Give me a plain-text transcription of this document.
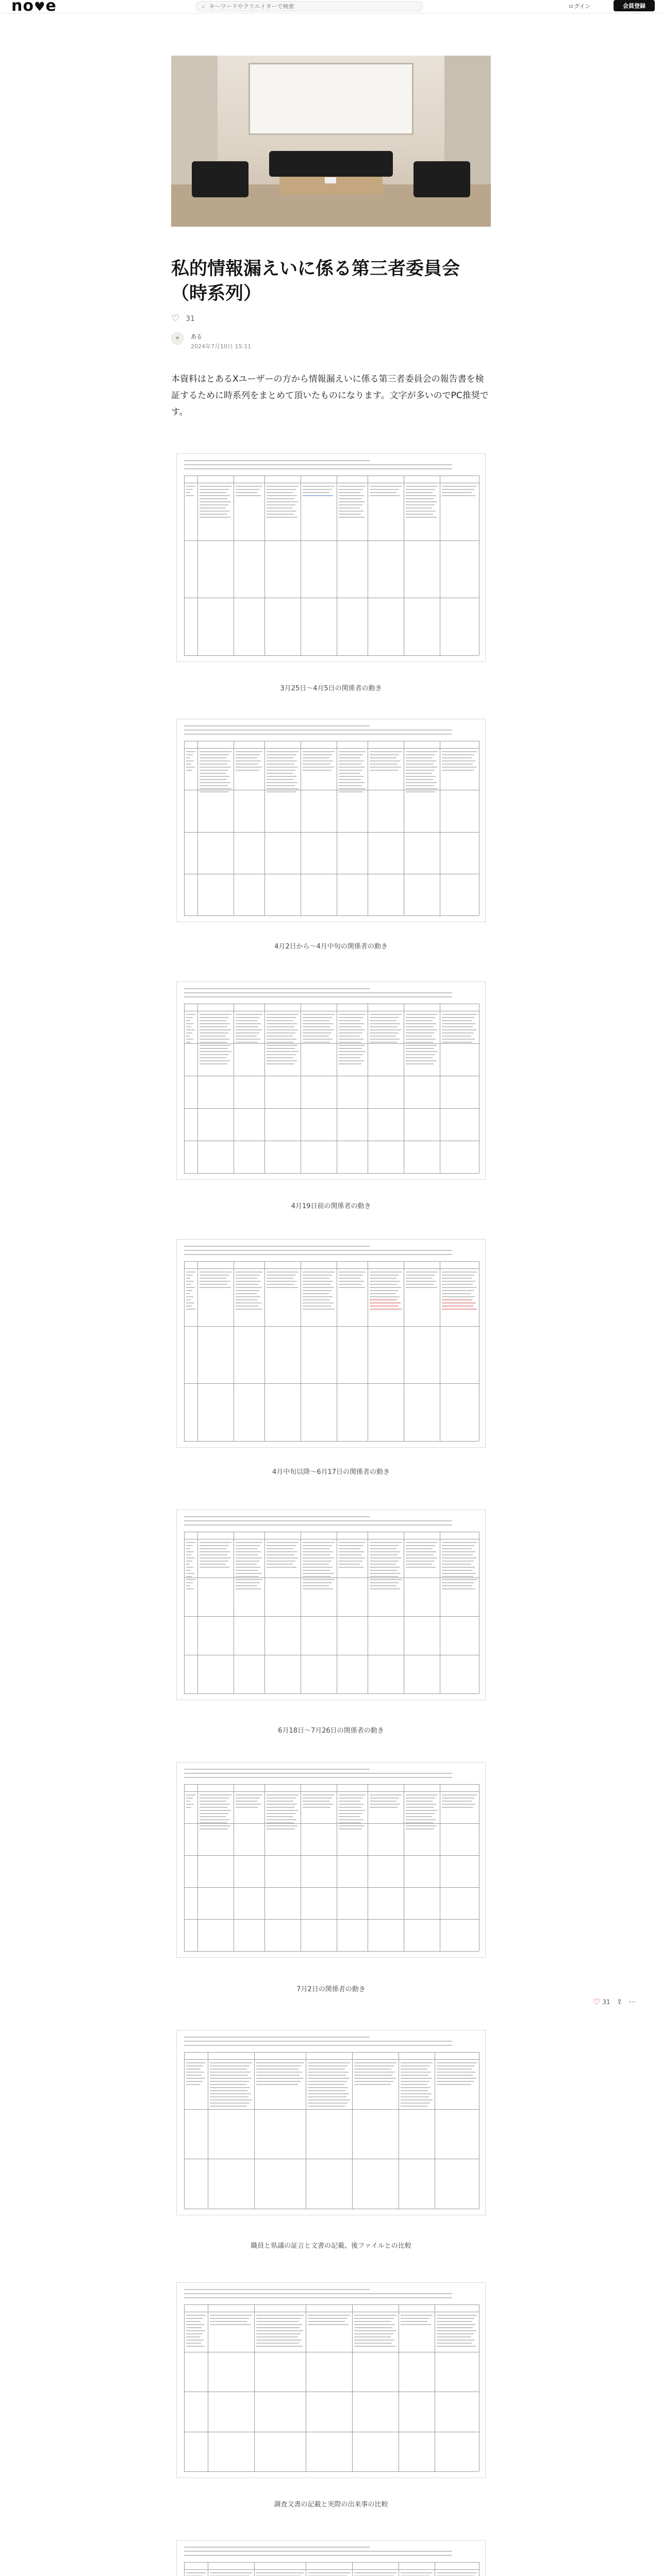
no♥e	⌕
キーワードやクリエイターで検索	ログイン	会員登録
私的情報漏えいに係る第三者委員会（時系列）
♡ 31
✦	ある
2024年7月10日 15:11

本資料はとあるXユーザーの方から情報漏えいに係る第三者委員会の報告書を検証するために時系列をまとめて頂いたものになります。文字が多いのでPC推奨です。

3月25日〜4月5日の関係者の動き
4月2日から〜4月中旬の関係者の動き
4月19日前の関係者の動き
4月中旬以降〜6月17日の関係者の動き
6月18日〜7月26日の関係者の動き
7月2日の関係者の動き
職員と県議の証言と文書の記載、後ファイルとの比較
調査文書の記載と実際の出来事の比較
♡ 31 ⇪ ⋯
